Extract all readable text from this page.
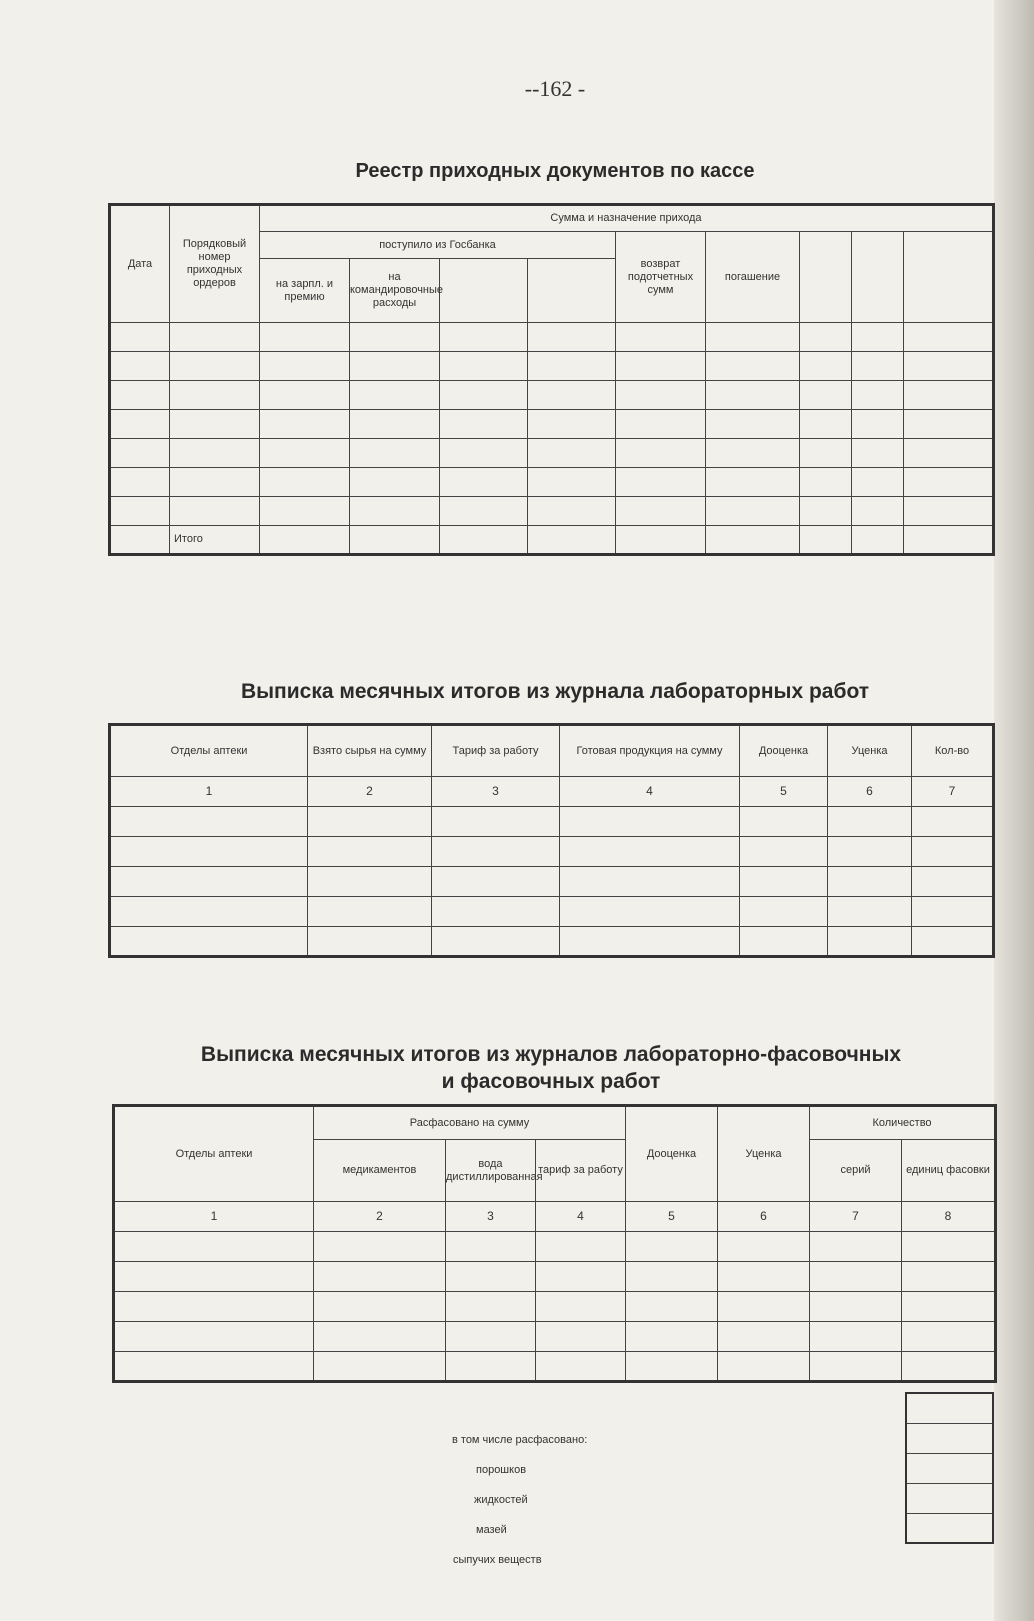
--162 -
Реестр приходных документов по кассе
Дата	Порядковый номер приходных ордеров	Сумма и назначение прихода								
		поступило из Госбанка				возврат подотчетных сумм	погашение			
		на зарпл. и премию	на командировочные расходы							

	Итого									
Выписка месячных итогов из журнала лабораторных работ
Отделы аптеки	Взято сырья на сумму	Тариф за работу	Готовая продукция на сумму	Дооценка	Уценка	Кол-во
1	2	3	4	5	6	7

Выписка месячных итогов из журналов лабораторно-фасовочных
и фасовочных работ
Отделы аптеки	Расфасовано на сумму			Дооценка	Уценка	Количество	
	медикаментов	вода дистиллированная	тариф за работу			серий	единиц фасовки
1	2	3	4	5	6	7	8

в том числе расфасовано:
порошков
жидкостей
мазей
сыпучих веществ
